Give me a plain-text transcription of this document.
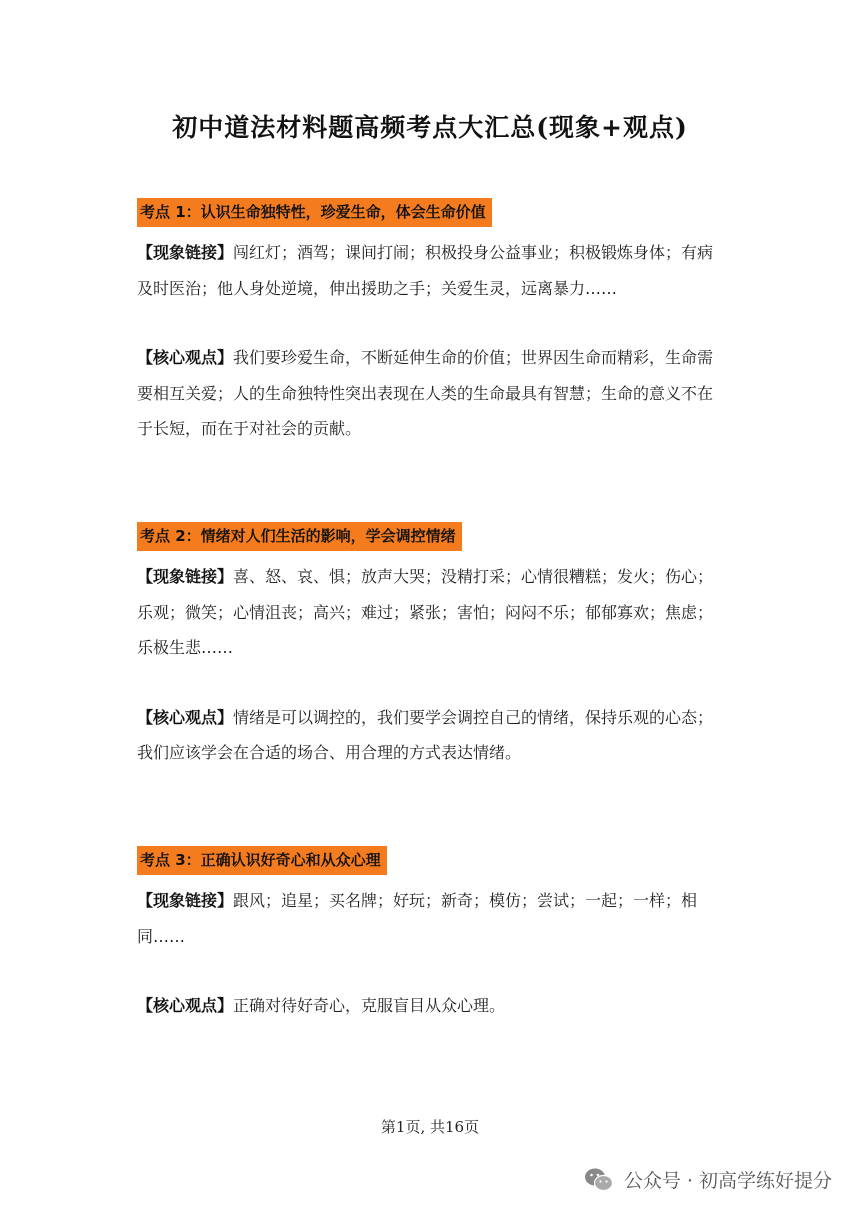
初中道法材料题高频考点大汇总(现象+观点)
考点 1：认识生命独特性，珍爱生命，体会生命价值

【现象链接】闯红灯；酒驾；课间打闹；积极投身公益事业；积极锻炼身体；有病及时医治；他人身处逆境，伸出援助之手；关爱生灵，远离暴力……

【核心观点】我们要珍爱生命，不断延伸生命的价值；世界因生命而精彩，生命需要相互关爱；人的生命独特性突出表现在人类的生命最具有智慧；生命的意义不在于长短，而在于对社会的贡献。

考点 2：情绪对人们生活的影响，学会调控情绪

【现象链接】喜、怒、哀、惧；放声大哭；没精打采；心情很糟糕；发火；伤心；乐观；微笑；心情沮丧；高兴；难过；紧张；害怕；闷闷不乐；郁郁寡欢；焦虑；乐极生悲……

【核心观点】情绪是可以调控的，我们要学会调控自己的情绪，保持乐观的心态；我们应该学会在合适的场合、用合理的方式表达情绪。

考点 3：正确认识好奇心和从众心理

【现象链接】跟风；追星；买名牌；好玩；新奇；模仿；尝试；一起；一样；相同……

【核心观点】正确对待好奇心，克服盲目从众心理。

第1页, 共16页
公众号 · 初高学练好提分
